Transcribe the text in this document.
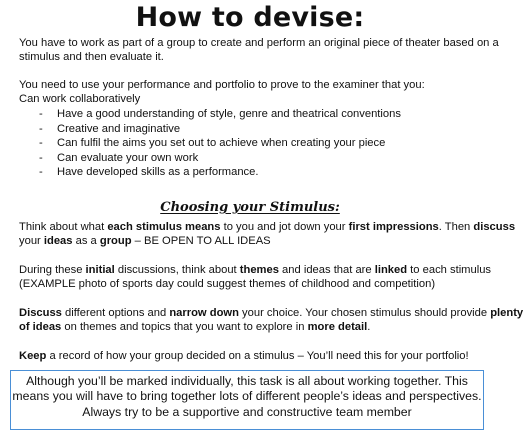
How to devise:
You have to work as part of a group to create and perform an original piece of theater based on a
stimulus and then evaluate it.
You need to use your performance and portfolio to prove to the examiner that you:
Can work collaboratively
- Have a good understanding of style, genre and theatrical conventions
- Creative and imaginative
- Can fulfil the aims you set out to achieve when creating your piece
- Can evaluate your own work
- Have developed skills as a performance.
Choosing your Stimulus:
Think about what each stimulus means to you and jot down your first impressions. Then discuss
your ideas as a group – BE OPEN TO ALL IDEAS
During these initial discussions, think about themes and ideas that are linked to each stimulus
(EXAMPLE photo of sports day could suggest themes of childhood and competition)
Discuss different options and narrow down your choice. Your chosen stimulus should provide plenty
of ideas on themes and topics that you want to explore in more detail.
Keep a record of how your group decided on a stimulus – You’ll need this for your portfolio!
Although you’ll be marked individually, this task is all about working together. This
means you will have to bring together lots of different people’s ideas and perspectives.
Always try to be a supportive and constructive team member
